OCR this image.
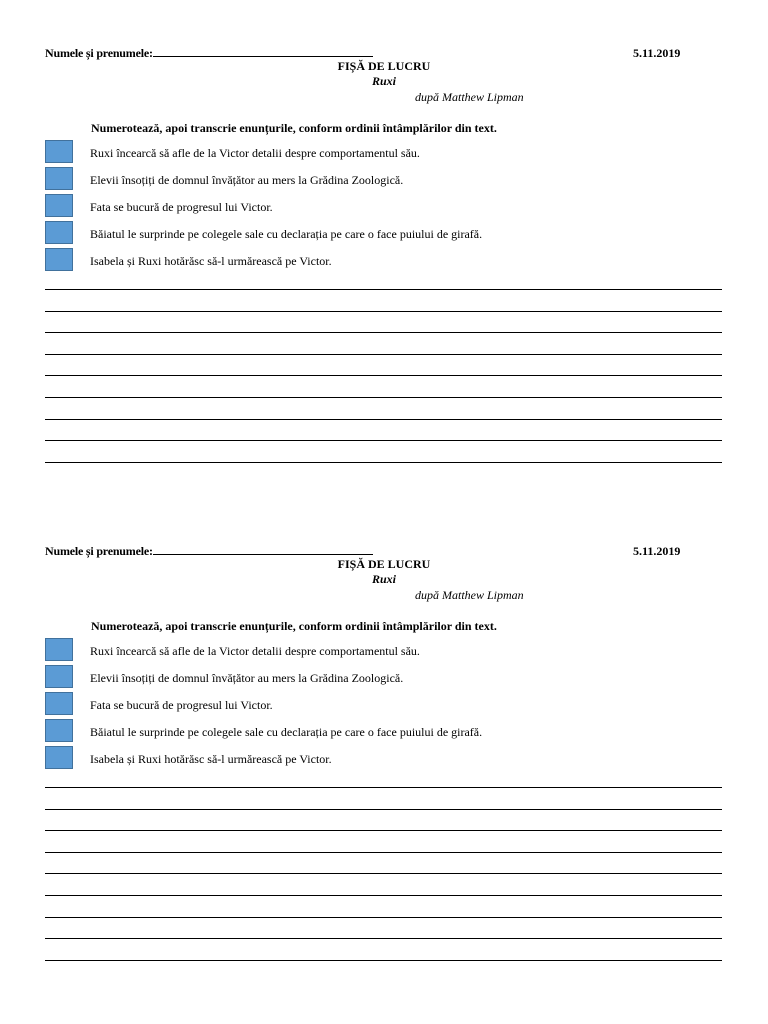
Numele și prenumele:	5.11.2019
FIȘĂ DE LUCRU
Ruxi
după Matthew Lipman
Numerotează, apoi transcrie enunțurile, conform ordinii întâmplărilor din text.
Ruxi încearcă să afle de la Victor detalii despre comportamentul său.
Elevii însoțiți de domnul învățător au mers la Grădina Zoologică.
Fata se bucură de progresul lui Victor.
Băiatul le surprinde pe colegele sale cu declarația pe care o face puiului de girafă.
Isabela și Ruxi hotărăsc să-l urmărească pe Victor.
Numele și prenumele:	5.11.2019
FIȘĂ DE LUCRU
Ruxi
după Matthew Lipman
Numerotează, apoi transcrie enunțurile, conform ordinii întâmplărilor din text.
Ruxi încearcă să afle de la Victor detalii despre comportamentul său.
Elevii însoțiți de domnul învățător au mers la Grădina Zoologică.
Fata se bucură de progresul lui Victor.
Băiatul le surprinde pe colegele sale cu declarația pe care o face puiului de girafă.
Isabela și Ruxi hotărăsc să-l urmărească pe Victor.
